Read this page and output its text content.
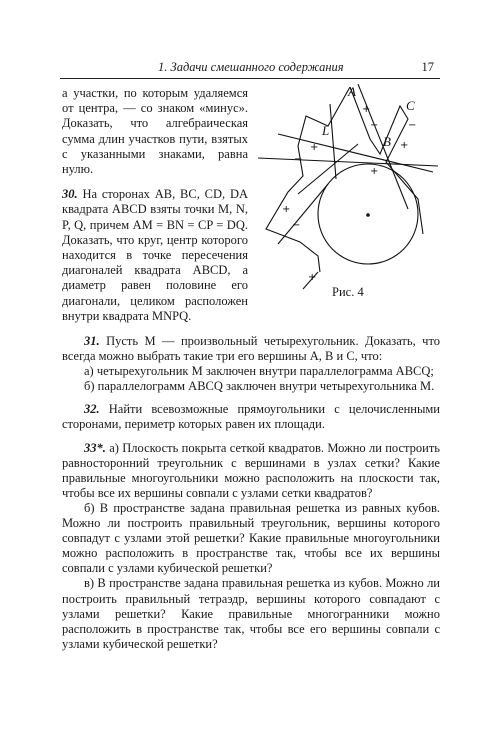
1. Задачи смешанного содержания	17

а участки, по которым удаляемся от центра, — со знаком «минус». Доказать, что алгебраическая сумма длин участков пути, взятых с указанными знаками, равна нулю.

30. На сторонах AB, BC, CD, DA квадрата ABCD взяты точки M, N, P, Q, причем AM = BN = CP = DQ. Доказать, что круг, центр которого находится в точке пересечения диагоналей квадрата ABCD, а диаметр равен половине его диагонали, целиком расположен внутри квадрата MNPQ.

A
C
B
L
+
−
+
−
+
−
+
+
−
+
Рис. 4

31. Пусть M — произвольный четырехугольник. Доказать, что всегда можно выбрать такие три его вершины A, B и C, что:

а) четырехугольник M заключен внутри параллелограмма ABCQ;

б) параллелограмм ABCQ заключен внутри четырехугольника M.

32. Найти всевозможные прямоугольники с целочисленными сторонами, периметр которых равен их площади.

33*. а) Плоскость покрыта сеткой квадратов. Можно ли построить равносторонний треугольник с вершинами в узлах сетки? Какие правильные многоугольники можно расположить на плоскости так, чтобы все их вершины совпали с узлами сетки квадратов?

б) В пространстве задана правильная решетка из равных кубов. Можно ли построить правильный треугольник, вершины которого совпадут с узлами этой решетки? Какие правильные многоугольники можно расположить в пространстве так, чтобы все их вершины совпали с узлами кубической решетки?

в) В пространстве задана правильная решетка из кубов. Можно ли построить правильный тетраэдр, вершины которого совпадают с узлами решетки? Какие правильные многогранники можно расположить в пространстве так, чтобы все его вершины совпали с узлами кубической решетки?
